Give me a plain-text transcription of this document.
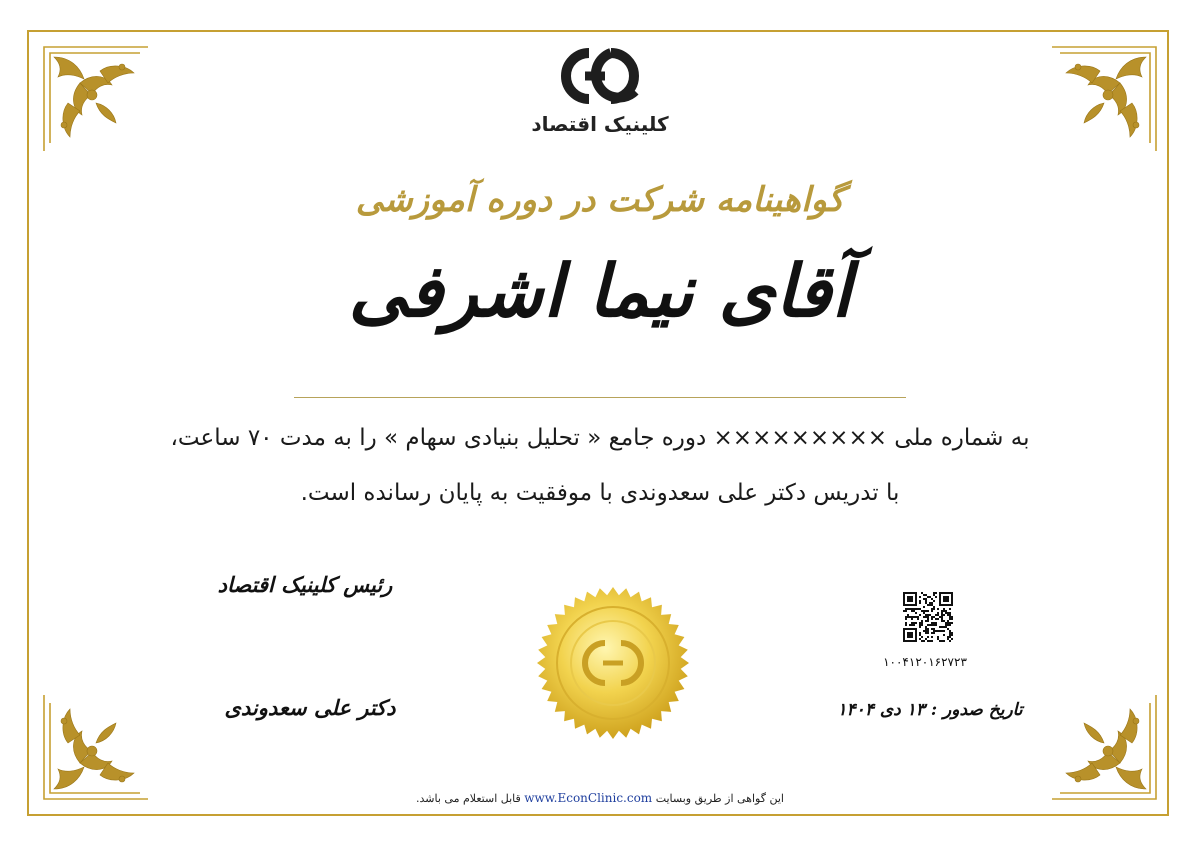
کلینیک اقتصاد
گواهینامه شرکت در دوره آموزشی
آقای نیما اشرفی
به شماره ملی ××××××××× دوره جامع « تحلیل بنیادی سهام » را به مدت ۷۰ ساعت،
با تدریس دکتر علی سعدوندی با موفقیت به پایان رسانده است.
رئیس کلینیک اقتصاد
دکتر علی سعدوندی
۱۰۰۴۱۲۰۱۶۲۷۲۳
تاریخ صدور : ۱۳ دی ۱۴۰۴
این گواهی از طریق وبسایت www.EconClinic.com قابل استعلام می باشد.
